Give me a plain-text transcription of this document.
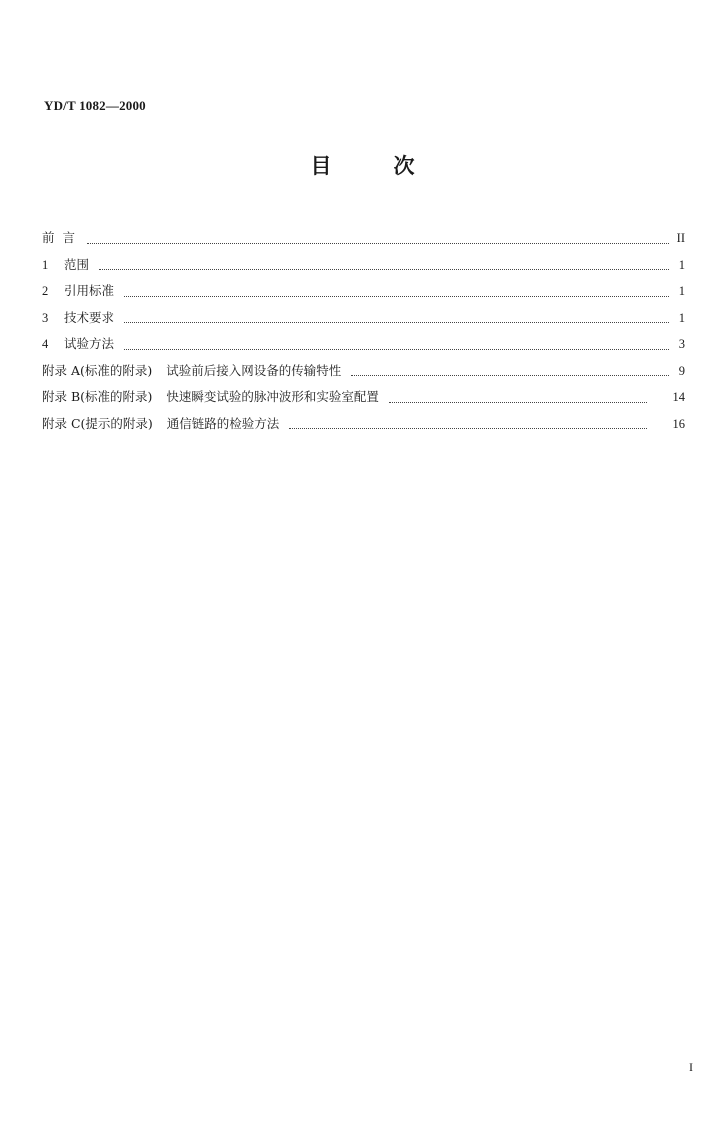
YD/T 1082—2000
目	次
前 言	II
1	范围	1
2	引用标准	1
3	技术要求	1
4	试验方法	3
附录 A(标准的附录) 试验前后接入网设备的传输特性	9
附录 B(标准的附录) 快速瞬变试验的脉冲波形和实验室配置	14
附录 C(提示的附录) 通信链路的检验方法	16
I
